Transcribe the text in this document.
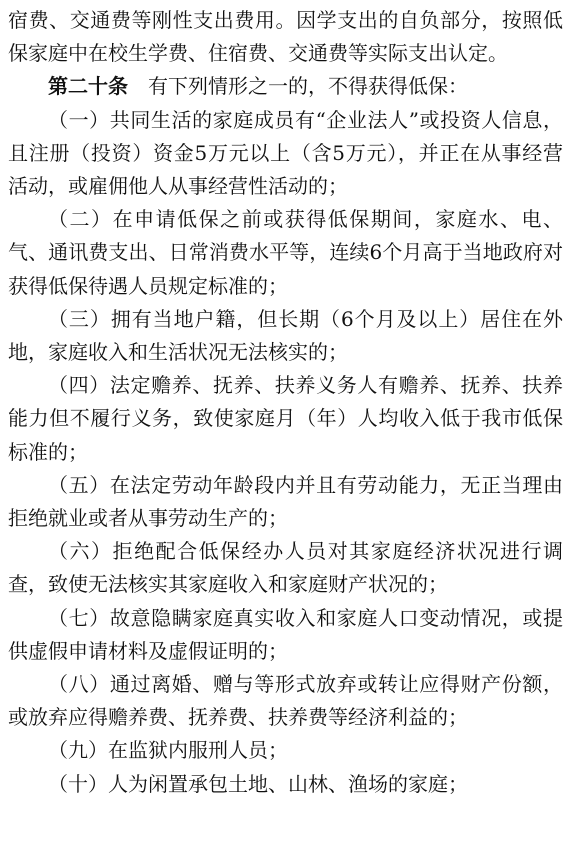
宿费、交通费等刚性支出费用。因学支出的自负部分，按照低保家庭中在校生学费、住宿费、交通费等实际支出认定。

第二十条 有下列情形之一的，不得获得低保：

（一）共同生活的家庭成员有“企业法人”或投资人信息，且注册（投资）资金5万元以上（含5万元），并正在从事经营活动，或雇佣他人从事经营性活动的；

（二）在申请低保之前或获得低保期间，家庭水、电、气、通讯费支出、日常消费水平等，连续6个月高于当地政府对获得低保待遇人员规定标准的；

（三）拥有当地户籍，但长期（6个月及以上）居住在外地，家庭收入和生活状况无法核实的；

（四）法定赡养、抚养、扶养义务人有赡养、抚养、扶养能力但不履行义务，致使家庭月（年）人均收入低于我市低保标准的；

（五）在法定劳动年龄段内并且有劳动能力，无正当理由拒绝就业或者从事劳动生产的；

（六）拒绝配合低保经办人员对其家庭经济状况进行调查，致使无法核实其家庭收入和家庭财产状况的；

（七）故意隐瞒家庭真实收入和家庭人口变动情况，或提供虚假申请材料及虚假证明的；

（八）通过离婚、赠与等形式放弃或转让应得财产份额，或放弃应得赡养费、抚养费、扶养费等经济利益的；

（九）在监狱内服刑人员；

（十）人为闲置承包土地、山林、渔场的家庭；
